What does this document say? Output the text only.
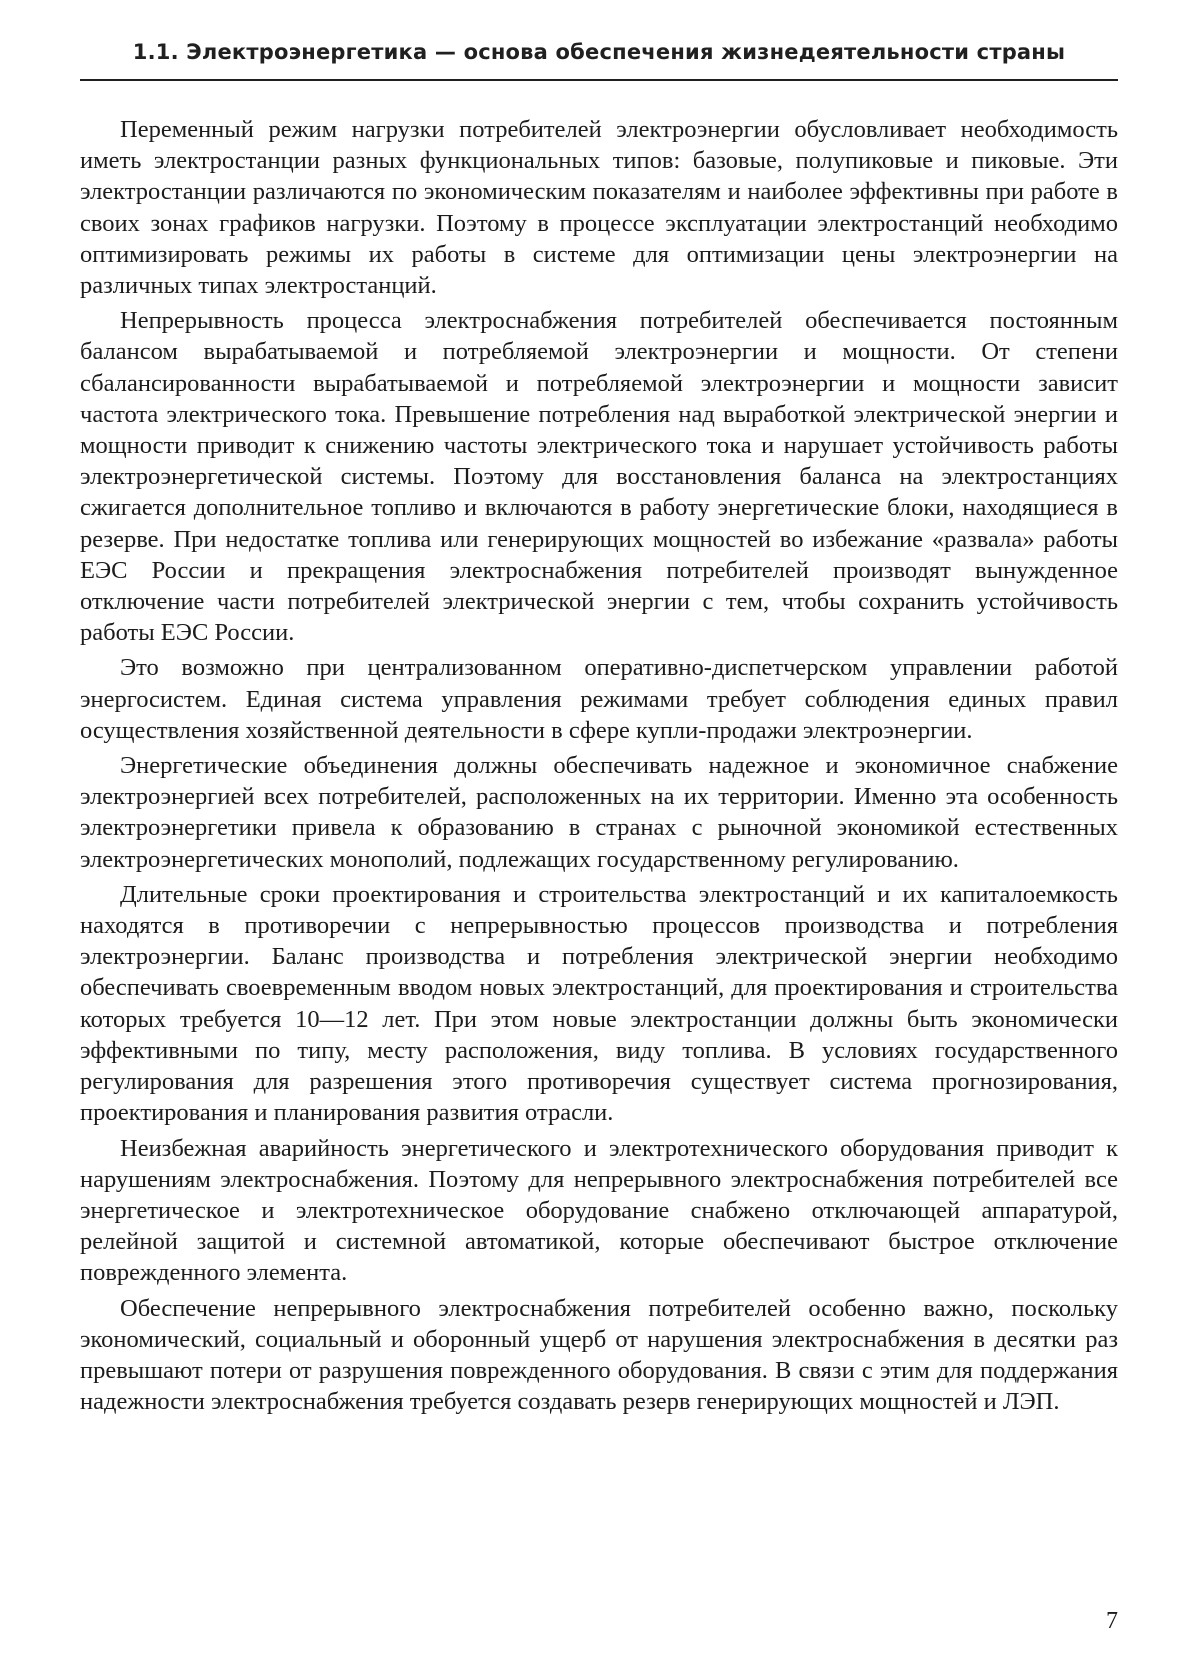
1.1. Электроэнергетика — основа обеспечения жизнедеятельности страны

Переменный режим нагрузки потребителей электроэнергии обусловливает необходимость иметь электростанции разных функциональных типов: базовые, полупиковые и пиковые. Эти электростанции различаются по экономическим показателям и наиболее эффективны при работе в своих зонах графиков нагрузки. Поэтому в процессе эксплуатации электростанций необходимо оптимизировать режимы их работы в системе для оптимизации цены электроэнергии на различных типах электростанций.

Непрерывность процесса электроснабжения потребителей обеспечивается постоянным балансом вырабатываемой и потребляемой электроэнергии и мощности. От степени сбалансированности вырабатываемой и потребляемой электроэнергии и мощности зависит частота электрического тока. Превышение потребления над выработкой электрической энергии и мощности приводит к снижению частоты электрического тока и нарушает устойчивость работы электроэнергетической системы. Поэтому для восстановления баланса на электростанциях сжигается дополнительное топливо и включаются в работу энергетические блоки, находящиеся в резерве. При недостатке топлива или генерирующих мощностей во избежание «развала» работы ЕЭС России и прекращения электроснабжения потребителей производят вынужденное отключение части потребителей электрической энергии с тем, чтобы сохранить устойчивость работы ЕЭС России.

Это возможно при централизованном оперативно-диспетчерском управлении работой энергосистем. Единая система управления режимами требует соблюдения единых правил осуществления хозяйственной деятельности в сфере купли-продажи электроэнергии.

Энергетические объединения должны обеспечивать надежное и экономичное снабжение электроэнергией всех потребителей, расположенных на их территории. Именно эта особенность электроэнергетики привела к образованию в странах с рыночной экономикой естественных электроэнергетических монополий, подлежащих государственному регулированию.

Длительные сроки проектирования и строительства электростанций и их капиталоемкость находятся в противоречии с непрерывностью процессов производства и потребления электроэнергии. Баланс производства и потребления электрической энергии необходимо обеспечивать своевременным вводом новых электростанций, для проектирования и строительства которых требуется 10—12 лет. При этом новые электростанции должны быть экономически эффективными по типу, месту расположения, виду топлива. В условиях государственного регулирования для разрешения этого противоречия существует система прогнозирования, проектирования и планирования развития отрасли.

Неизбежная аварийность энергетического и электротехнического оборудования приводит к нарушениям электроснабжения. Поэтому для непрерывного электроснабжения потребителей все энергетическое и электротехническое оборудование снабжено отключающей аппаратурой, релейной защитой и системной автоматикой, которые обеспечивают быстрое отключение поврежденного элемента.

Обеспечение непрерывного электроснабжения потребителей особенно важно, поскольку экономический, социальный и оборонный ущерб от нарушения электроснабжения в десятки раз превышают потери от разрушения поврежденного оборудования. В связи с этим для поддержания надежности электроснабжения требуется создавать резерв генерирующих мощностей и ЛЭП.

7
